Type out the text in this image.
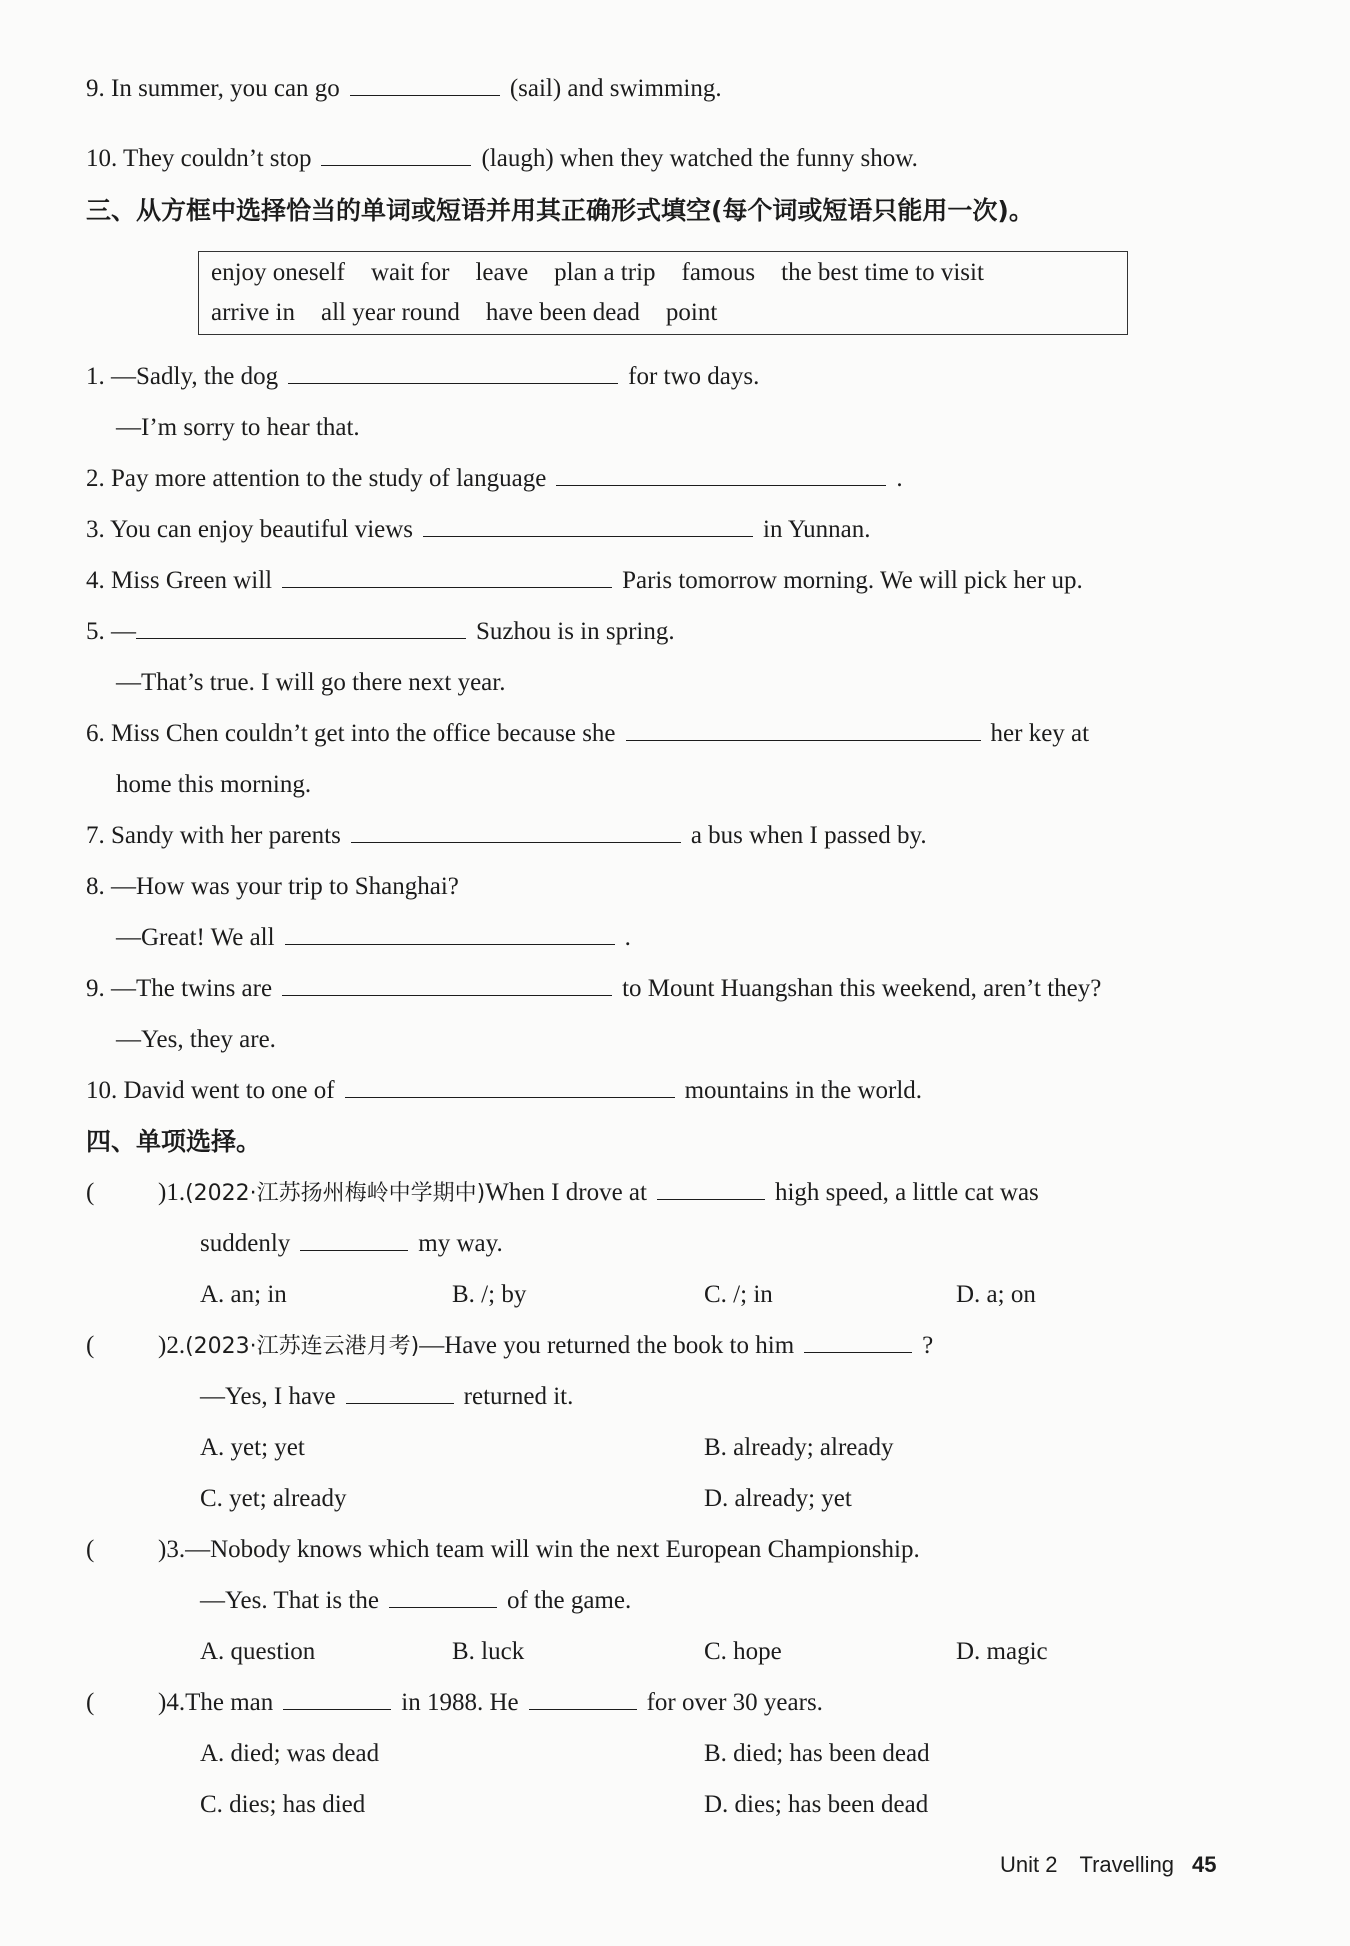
9. In summer, you can go	(sail) and swimming.
10. They couldn’t stop	(laugh) when they watched the funny show.
三、从方框中选择恰当的单词或短语并用其正确形式填空(每个词或短语只能用一次)。
enjoy oneself wait for leave plan a trip famous the best time to visit
arrive in all year round have been dead point
1. —Sadly, the dog	for two days.
—I’m sorry to hear that.
2. Pay more attention to the study of language	.
3. You can enjoy beautiful views	in Yunnan.
4. Miss Green will	Paris tomorrow morning. We will pick her up.
5. —	Suzhou is in spring.
—That’s true. I will go there next year.
6. Miss Chen couldn’t get into the office because she	her key at
home this morning.
7. Sandy with her parents	a bus when I passed by.
8. —How was your trip to Shanghai?
—Great! We all	.
9. —The twins are	to Mount Huangshan this weekend, aren’t they?
—Yes, they are.
10. David went to one of	mountains in the world.
四、单项选择。
(	)1.(2022·江苏扬州梅岭中学期中)When I drove at	high speed, a little cat was
suddenly	my way.
A. an; in	B. /; by	C. /; in	D. a; on
(	)2.(2023·江苏连云港月考)—Have you returned the book to him	?
—Yes, I have	returned it.
A. yet; yet	B. already; already
C. yet; already	D. already; yet
(	)3.—Nobody knows which team will win the next European Championship.
—Yes. That is the	of the game.
A. question	B. luck	C. hope	D. magic
(	)4.The man	in 1988. He	for over 30 years.
A. died; was dead	B. died; has been dead
C. dies; has died	D. dies; has been dead
Unit 2 Travelling 45
